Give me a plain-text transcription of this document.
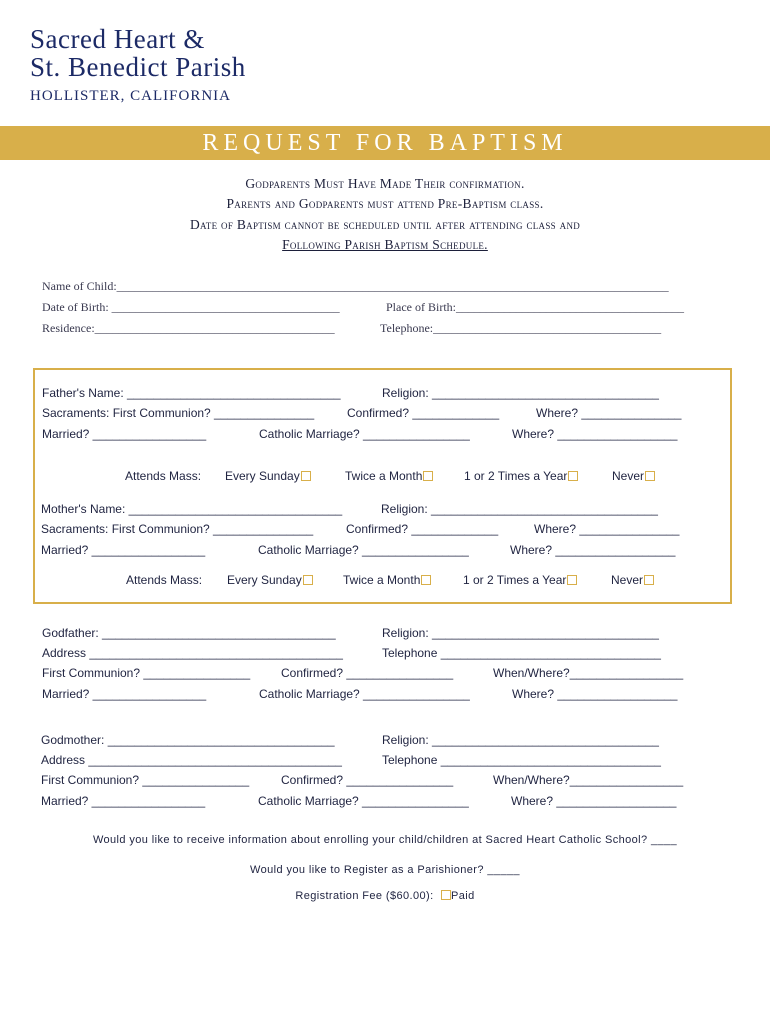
Sacred Heart &
St. Benedict Parish
HOLLISTER, CALIFORNIA
REQUEST FOR BAPTISM
Godparents Must Have Made Their confirmation.
Parents and Godparents must attend Pre-Baptism class.
Date of Baptism cannot be scheduled until after attending class and
Following Parish Baptism Schedule.
Name of Child:____________________________________________________________________________________________
Date of Birth: ______________________________________	Place of Birth:______________________________________
Residence:________________________________________	Telephone:______________________________________
Father's Name: ________________________________	Religion: __________________________________
Sacraments: First Communion? _______________	Confirmed? _____________	Where? _______________
Married? _________________	Catholic Marriage? ________________	Where? __________________
Attends Mass: Every Sunday	Twice a Month	1 or 2 Times a Year	Never
Mother's Name: ________________________________	Religion: __________________________________
Sacraments: First Communion? _______________	Confirmed? _____________	Where? _______________
Married? _________________	Catholic Marriage? ________________	Where? __________________
Attends Mass: Every Sunday	Twice a Month	1 or 2 Times a Year	Never
Godfather: ___________________________________	Religion: __________________________________
Address ______________________________________	Telephone _________________________________
First Communion? ________________	Confirmed? ________________	When/Where?_________________
Married? _________________	Catholic Marriage? ________________	Where? __________________
Godmother: __________________________________	Religion: __________________________________
Address ______________________________________	Telephone _________________________________
First Communion? ________________	Confirmed? ________________	When/Where?_________________
Married? _________________	Catholic Marriage? ________________	Where? __________________
Would you like to receive information about enrolling your child/children at Sacred Heart Catholic School? ____
Would you like to Register as a Parishioner? _____
Registration Fee ($60.00): Paid
